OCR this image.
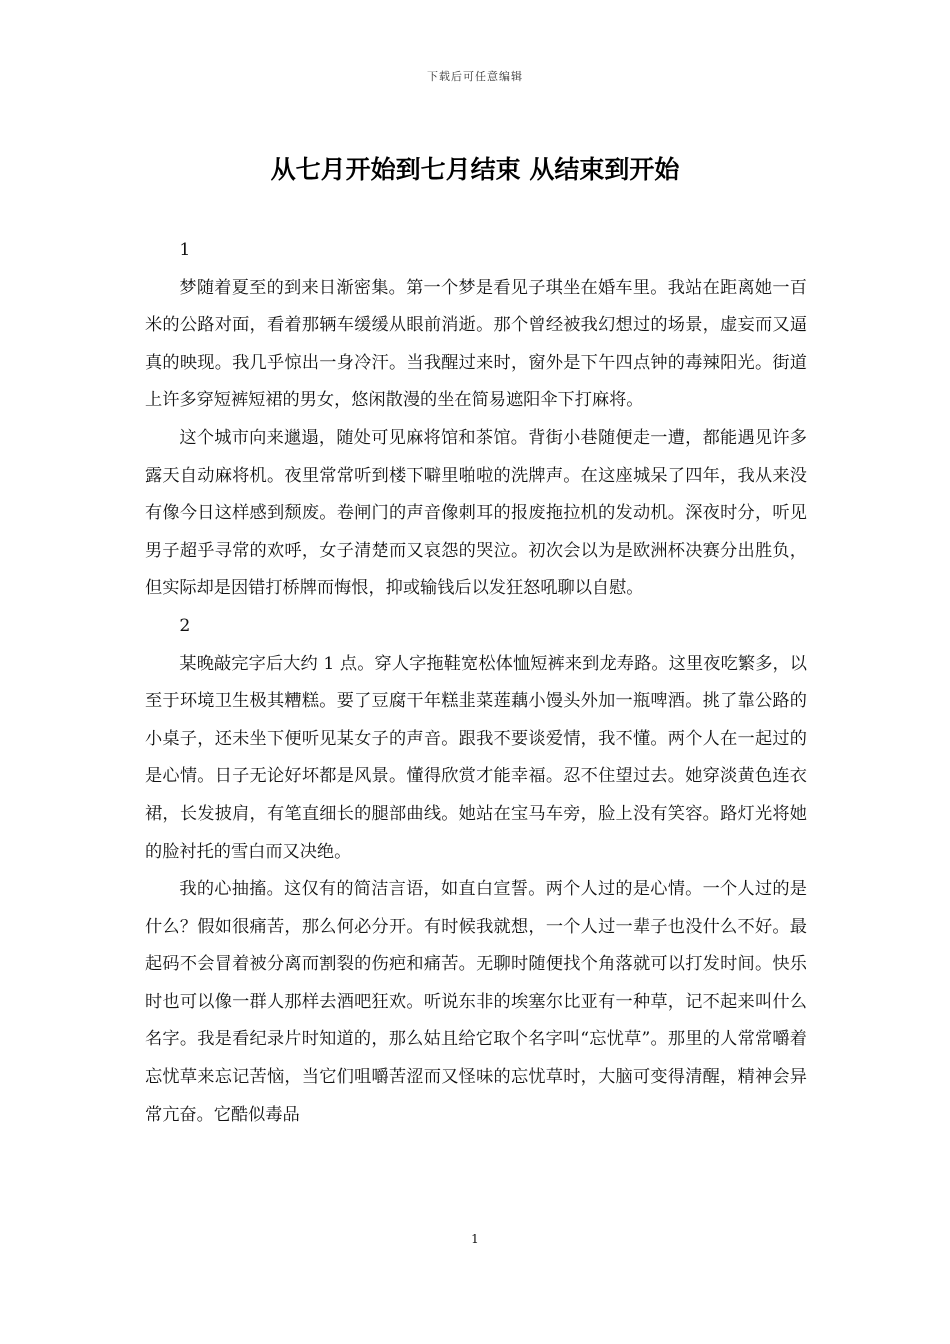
下载后可任意编辑
从七月开始到七月结束 从结束到开始

1

梦随着夏至的到来日渐密集。第一个梦是看见子琪坐在婚车里。我站在距离她一百米的公路对面，看着那辆车缓缓从眼前消逝。那个曾经被我幻想过的场景，虚妄而又逼真的映现。我几乎惊出一身冷汗。当我醒过来时，窗外是下午四点钟的毒辣阳光。街道上许多穿短裤短裙的男女，悠闲散漫的坐在简易遮阳伞下打麻将。

这个城市向来邋遢，随处可见麻将馆和茶馆。背街小巷随便走一遭，都能遇见许多露天自动麻将机。夜里常常听到楼下噼里啪啦的洗牌声。在这座城呆了四年，我从来没有像今日这样感到颓废。卷闸门的声音像刺耳的报废拖拉机的发动机。深夜时分，听见男子超乎寻常的欢呼，女子清楚而又哀怨的哭泣。初次会以为是欧洲杯决赛分出胜负，但实际却是因错打桥牌而悔恨，抑或输钱后以发狂怒吼聊以自慰。

2

某晚敲完字后大约 1 点。穿人字拖鞋宽松体恤短裤来到龙寿路。这里夜吃繁多，以至于环境卫生极其糟糕。要了豆腐干年糕韭菜莲藕小馒头外加一瓶啤酒。挑了靠公路的小桌子，还未坐下便听见某女子的声音。跟我不要谈爱情，我不懂。两个人在一起过的是心情。日子无论好坏都是风景。懂得欣赏才能幸福。忍不住望过去。她穿淡黄色连衣裙，长发披肩，有笔直细长的腿部曲线。她站在宝马车旁，脸上没有笑容。路灯光将她的脸衬托的雪白而又决绝。

我的心抽搐。这仅有的简洁言语，如直白宣誓。两个人过的是心情。一个人过的是什么？假如很痛苦，那么何必分开。有时候我就想，一个人过一辈子也没什么不好。最起码不会冒着被分离而割裂的伤疤和痛苦。无聊时随便找个角落就可以打发时间。快乐时也可以像一群人那样去酒吧狂欢。听说东非的埃塞尔比亚有一种草，记不起来叫什么名字。我是看纪录片时知道的，那么姑且给它取个名字叫“忘忧草”。那里的人常常嚼着忘忧草来忘记苦恼，当它们咀嚼苦涩而又怪味的忘忧草时，大脑可变得清醒，精神会异常亢奋。它酷似毒品

1
